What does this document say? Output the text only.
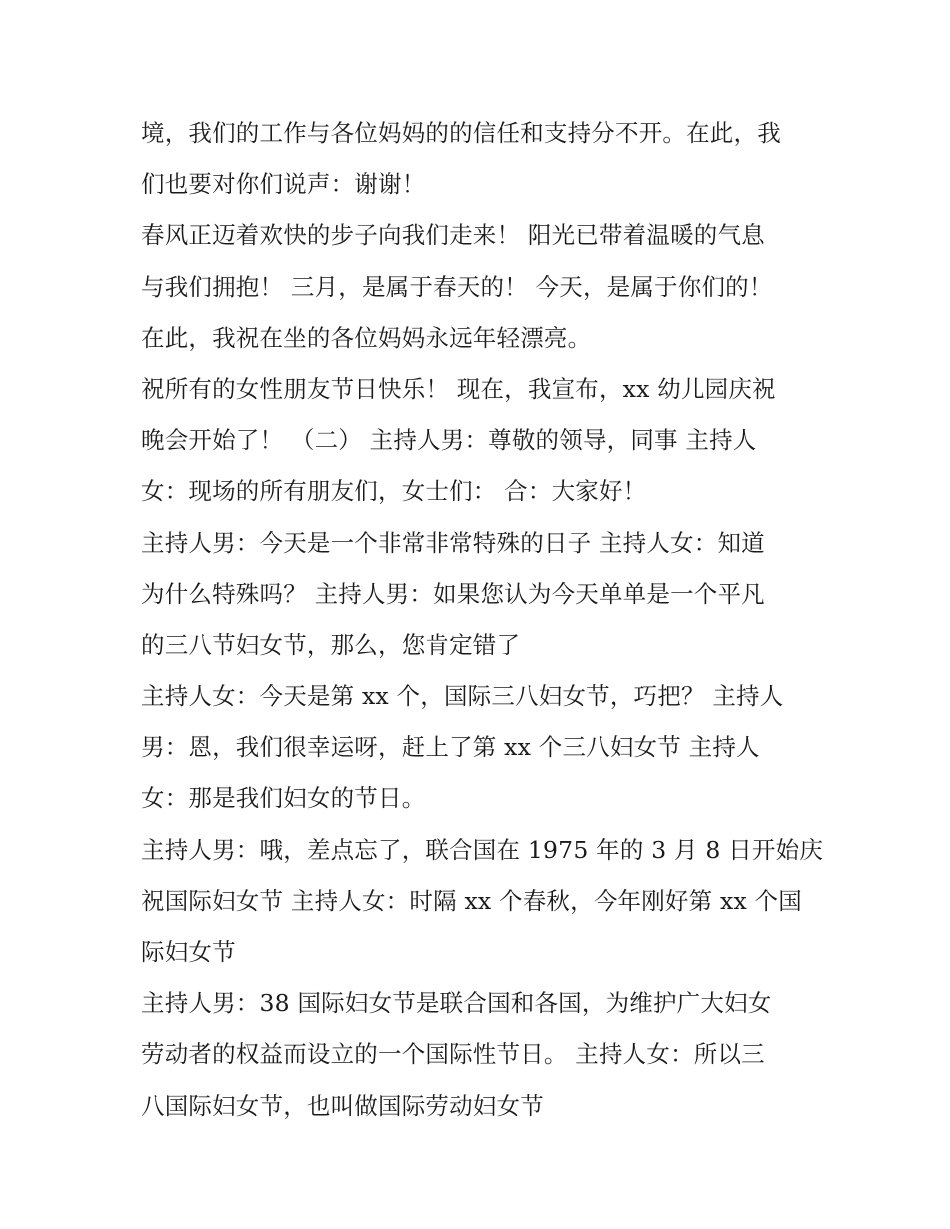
境，我们的工作与各位妈妈的的信任和支持分不开。在此，我
们也要对你们说声：谢谢！
春风正迈着欢快的步子向我们走来！ 阳光已带着温暖的气息
与我们拥抱！ 三月，是属于春天的！ 今天，是属于你们的！
在此，我祝在坐的各位妈妈永远年轻漂亮。
祝所有的女性朋友节日快乐！ 现在，我宣布，xx 幼儿园庆祝
晚会开始了！ （二） 主持人男：尊敬的领导，同事 主持人
女：现场的所有朋友们，女士们： 合：大家好！
主持人男：今天是一个非常非常特殊的日子 主持人女：知道
为什么特殊吗？ 主持人男：如果您认为今天单单是一个平凡
的三八节妇女节，那么，您肯定错了
主持人女：今天是第 xx 个，国际三八妇女节，巧把？ 主持人
男：恩，我们很幸运呀，赶上了第 xx 个三八妇女节 主持人
女：那是我们妇女的节日。
主持人男：哦，差点忘了，联合国在 1975 年的 3 月 8 日开始庆
祝国际妇女节 主持人女：时隔 xx 个春秋，今年刚好第 xx 个国
际妇女节
主持人男：38 国际妇女节是联合国和各国，为维护广大妇女
劳动者的权益而设立的一个国际性节日。 主持人女：所以三
八国际妇女节，也叫做国际劳动妇女节
